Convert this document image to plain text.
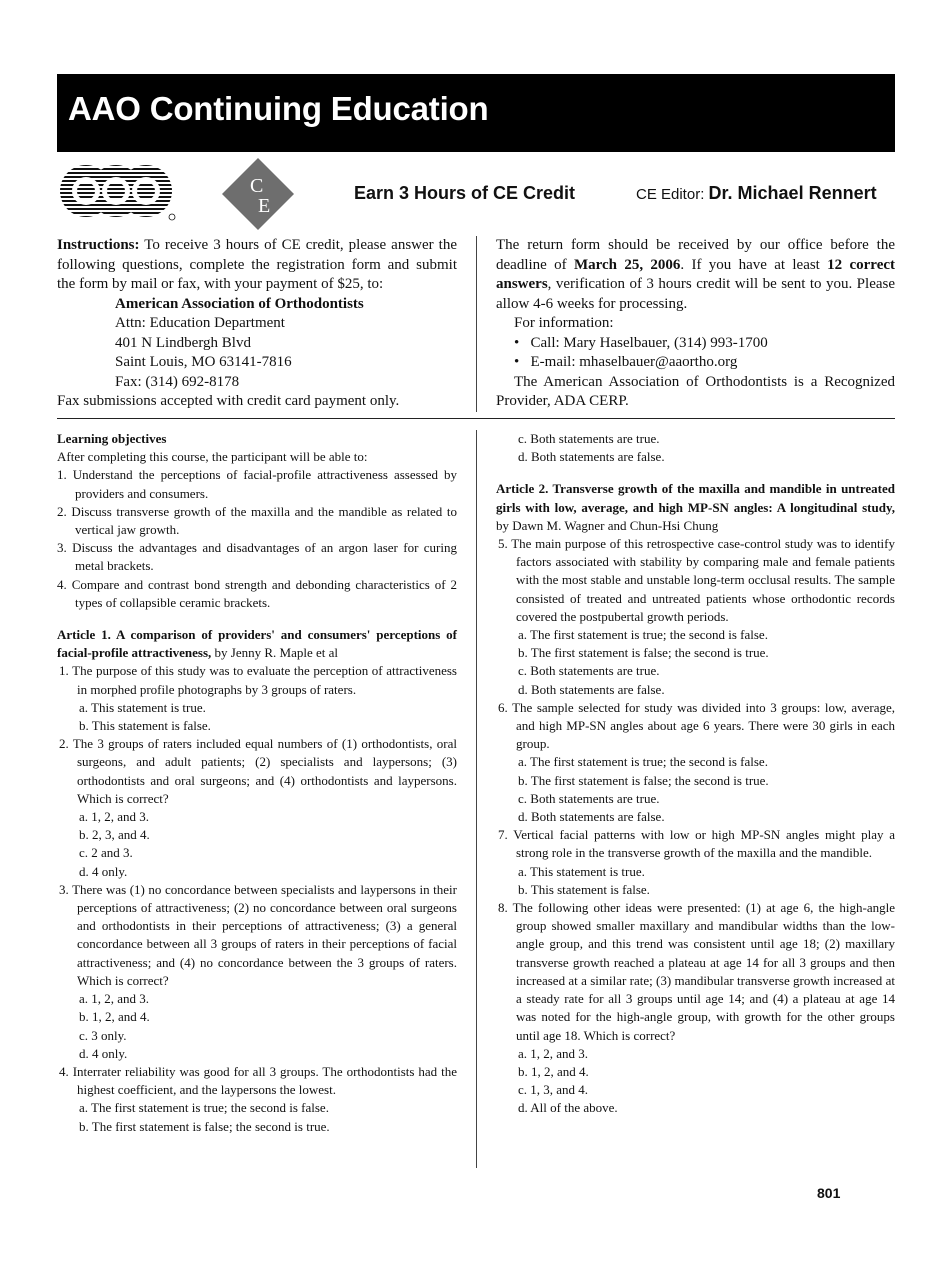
AAO Continuing Education
C
E
Earn 3 Hours of CE Credit	CE Editor: Dr. Michael Rennert
Instructions: To receive 3 hours of CE credit, please answer the following questions, complete the registration form and submit the form by mail or fax, with your payment of $25, to:
American Association of Orthodontists
Attn: Education Department
401 N Lindbergh Blvd
Saint Louis, MO 63141-7816
Fax: (314) 692-8178
Fax submissions accepted with credit card payment only.
The return form should be received by our office before the deadline of March 25, 2006. If you have at least 12 correct answers, verification of 3 hours credit will be sent to you. Please allow 4-6 weeks for processing.
For information:
•   Call: Mary Haselbauer, (314) 993-1700
•   E-mail: mhaselbauer@aaortho.org
The American Association of Orthodontists is a Recognized Provider, ADA CERP.
Learning objectives
After completing this course, the participant will be able to:
1. Understand the perceptions of facial-profile attractiveness assessed by providers and consumers.
2. Discuss transverse growth of the maxilla and the mandible as related to vertical jaw growth.
3. Discuss the advantages and disadvantages of an argon laser for curing metal brackets.
4. Compare and contrast bond strength and debonding characteristics of 2 types of collapsible ceramic brackets.
Article 1. A comparison of providers' and consumers' perceptions of facial-profile attractiveness, by Jenny R. Maple et al
1. The purpose of this study was to evaluate the perception of attractiveness in morphed profile photographs by 3 groups of raters.
a. This statement is true.
b. This statement is false.
2. The 3 groups of raters included equal numbers of (1) orthodontists, oral surgeons, and adult patients; (2) specialists and laypersons; (3) orthodontists and oral surgeons; and (4) orthodontists and laypersons. Which is correct?
a. 1, 2, and 3.
b. 2, 3, and 4.
c. 2 and 3.
d. 4 only.
3. There was (1) no concordance between specialists and laypersons in their perceptions of attractiveness; (2) no concordance between oral surgeons and orthodontists in their perceptions of attractiveness; (3) a general concordance between all 3 groups of raters in their perceptions of facial attractiveness; and (4) no concordance between the 3 groups of raters. Which is correct?
a. 1, 2, and 3.
b. 1, 2, and 4.
c. 3 only.
d. 4 only.
4. Interrater reliability was good for all 3 groups. The orthodontists had the highest coefficient, and the laypersons the lowest.
a. The first statement is true; the second is false.
b. The first statement is false; the second is true.
c. Both statements are true.
d. Both statements are false.
Article 2. Transverse growth of the maxilla and mandible in untreated girls with low, average, and high MP-SN angles: A longitudinal study, by Dawn M. Wagner and Chun-Hsi Chung
5. The main purpose of this retrospective case-control study was to identify factors associated with stability by comparing male and female patients with the most stable and unstable long-term occlusal results. The sample consisted of treated and untreated patients whose orthodontic records covered the postpubertal growth periods.
a. The first statement is true; the second is false.
b. The first statement is false; the second is true.
c. Both statements are true.
d. Both statements are false.
6. The sample selected for study was divided into 3 groups: low, average, and high MP-SN angles about age 6 years. There were 30 girls in each group.
a. The first statement is true; the second is false.
b. The first statement is false; the second is true.
c. Both statements are true.
d. Both statements are false.
7. Vertical facial patterns with low or high MP-SN angles might play a strong role in the transverse growth of the maxilla and the mandible.
a. This statement is true.
b. This statement is false.
8. The following other ideas were presented: (1) at age 6, the high-angle group showed smaller maxillary and mandibular widths than the low-angle group, and this trend was consistent until age 18; (2) maxillary transverse growth reached a plateau at age 14 for all 3 groups and then increased at a similar rate; (3) mandibular transverse growth increased at a steady rate for all 3 groups until age 14; and (4) a plateau at age 14 was noted for the high-angle group, with growth for the other groups until age 18. Which is correct?
a. 1, 2, and 3.
b. 1, 2, and 4.
c. 1, 3, and 4.
d. All of the above.
801
